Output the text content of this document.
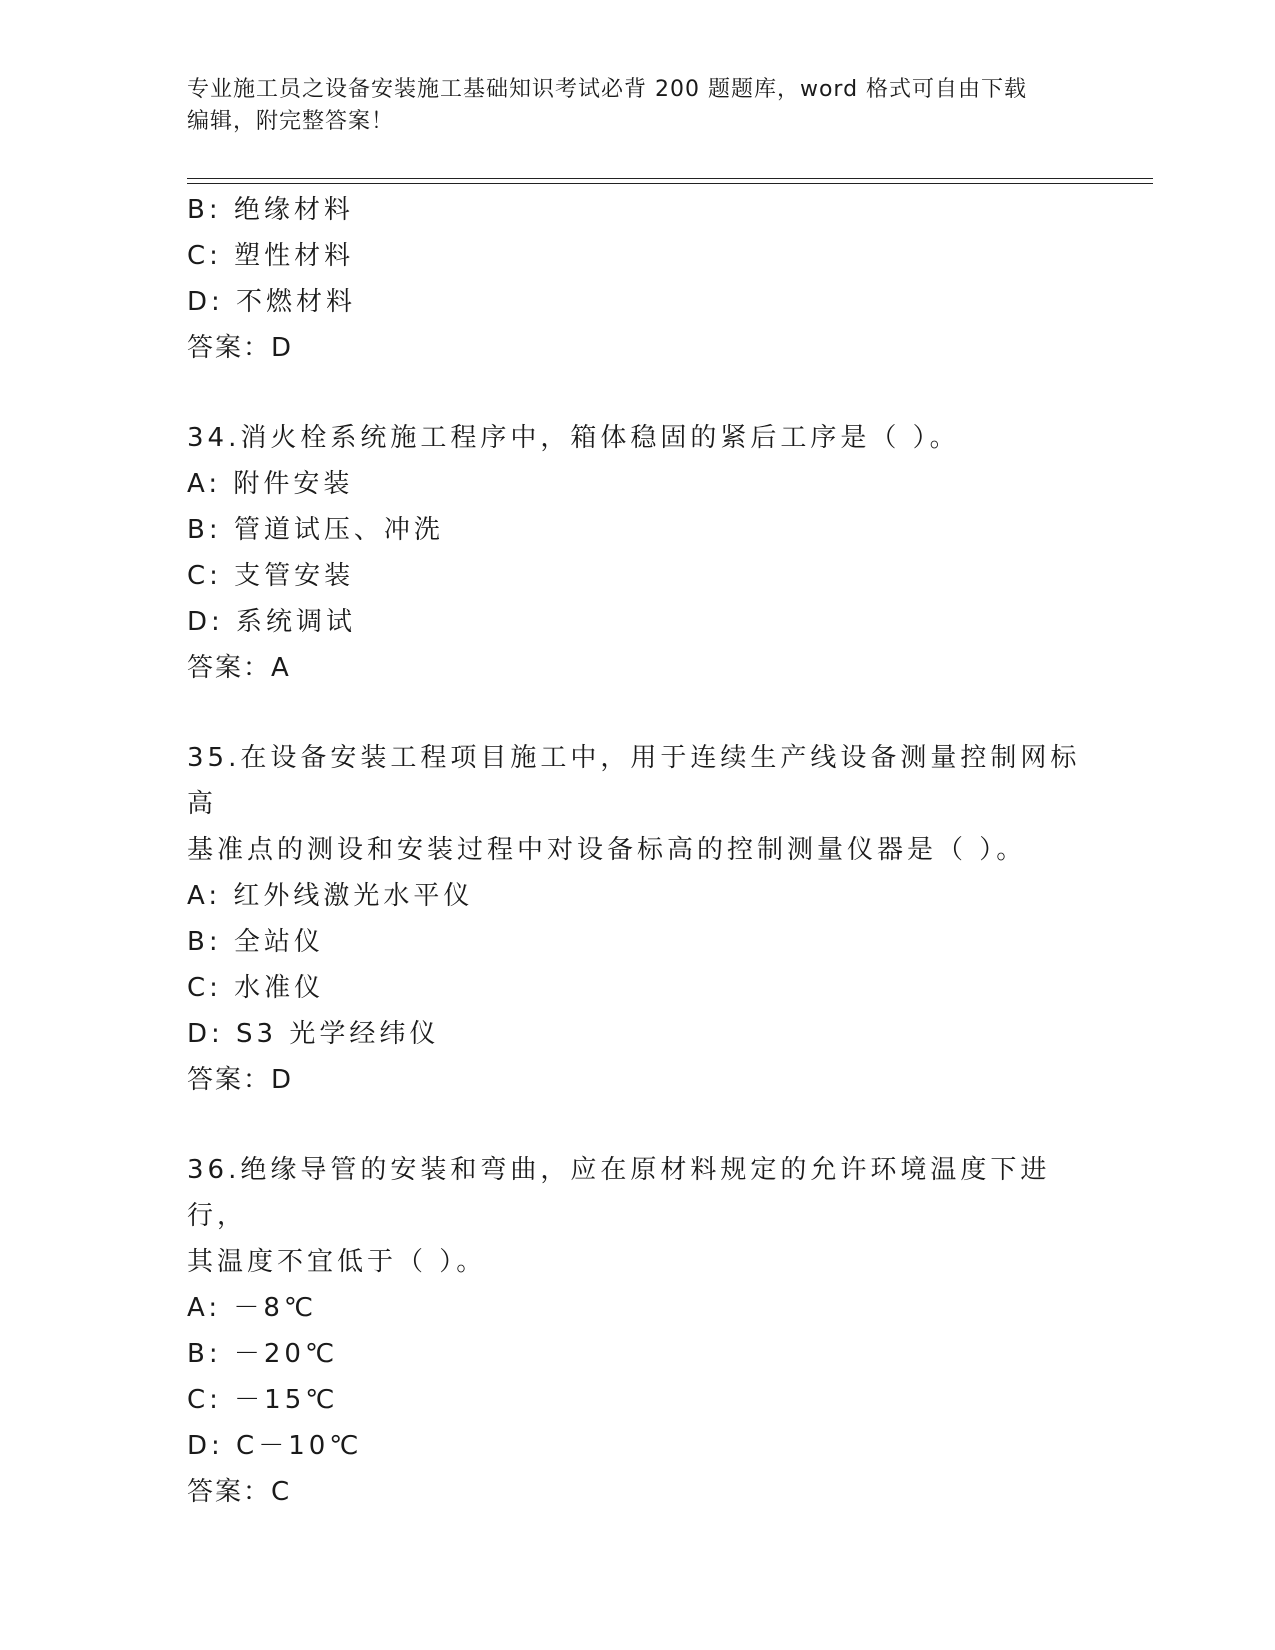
专业施工员之设备安装施工基础知识考试必背 200 题题库，word 格式可自由下载
编辑，附完整答案！
B: 绝缘材料
C: 塑性材料
D: 不燃材料
答案：D
34.消火栓系统施工程序中，箱体稳固的紧后工序是（ ）。
A: 附件安装
B: 管道试压、冲洗
C: 支管安装
D: 系统调试
答案：A
35.在设备安装工程项目施工中，用于连续生产线设备测量控制网标高
基准点的测设和安装过程中对设备标高的控制测量仪器是（ ）。
A: 红外线激光水平仪
B: 全站仪
C: 水准仪
D: S3 光学经纬仪
答案：D
36.绝缘导管的安装和弯曲，应在原材料规定的允许环境温度下进行，
其温度不宜低于（ ）。
A: －8℃
B: －20℃
C: －15℃
D: C－10℃
答案：C
